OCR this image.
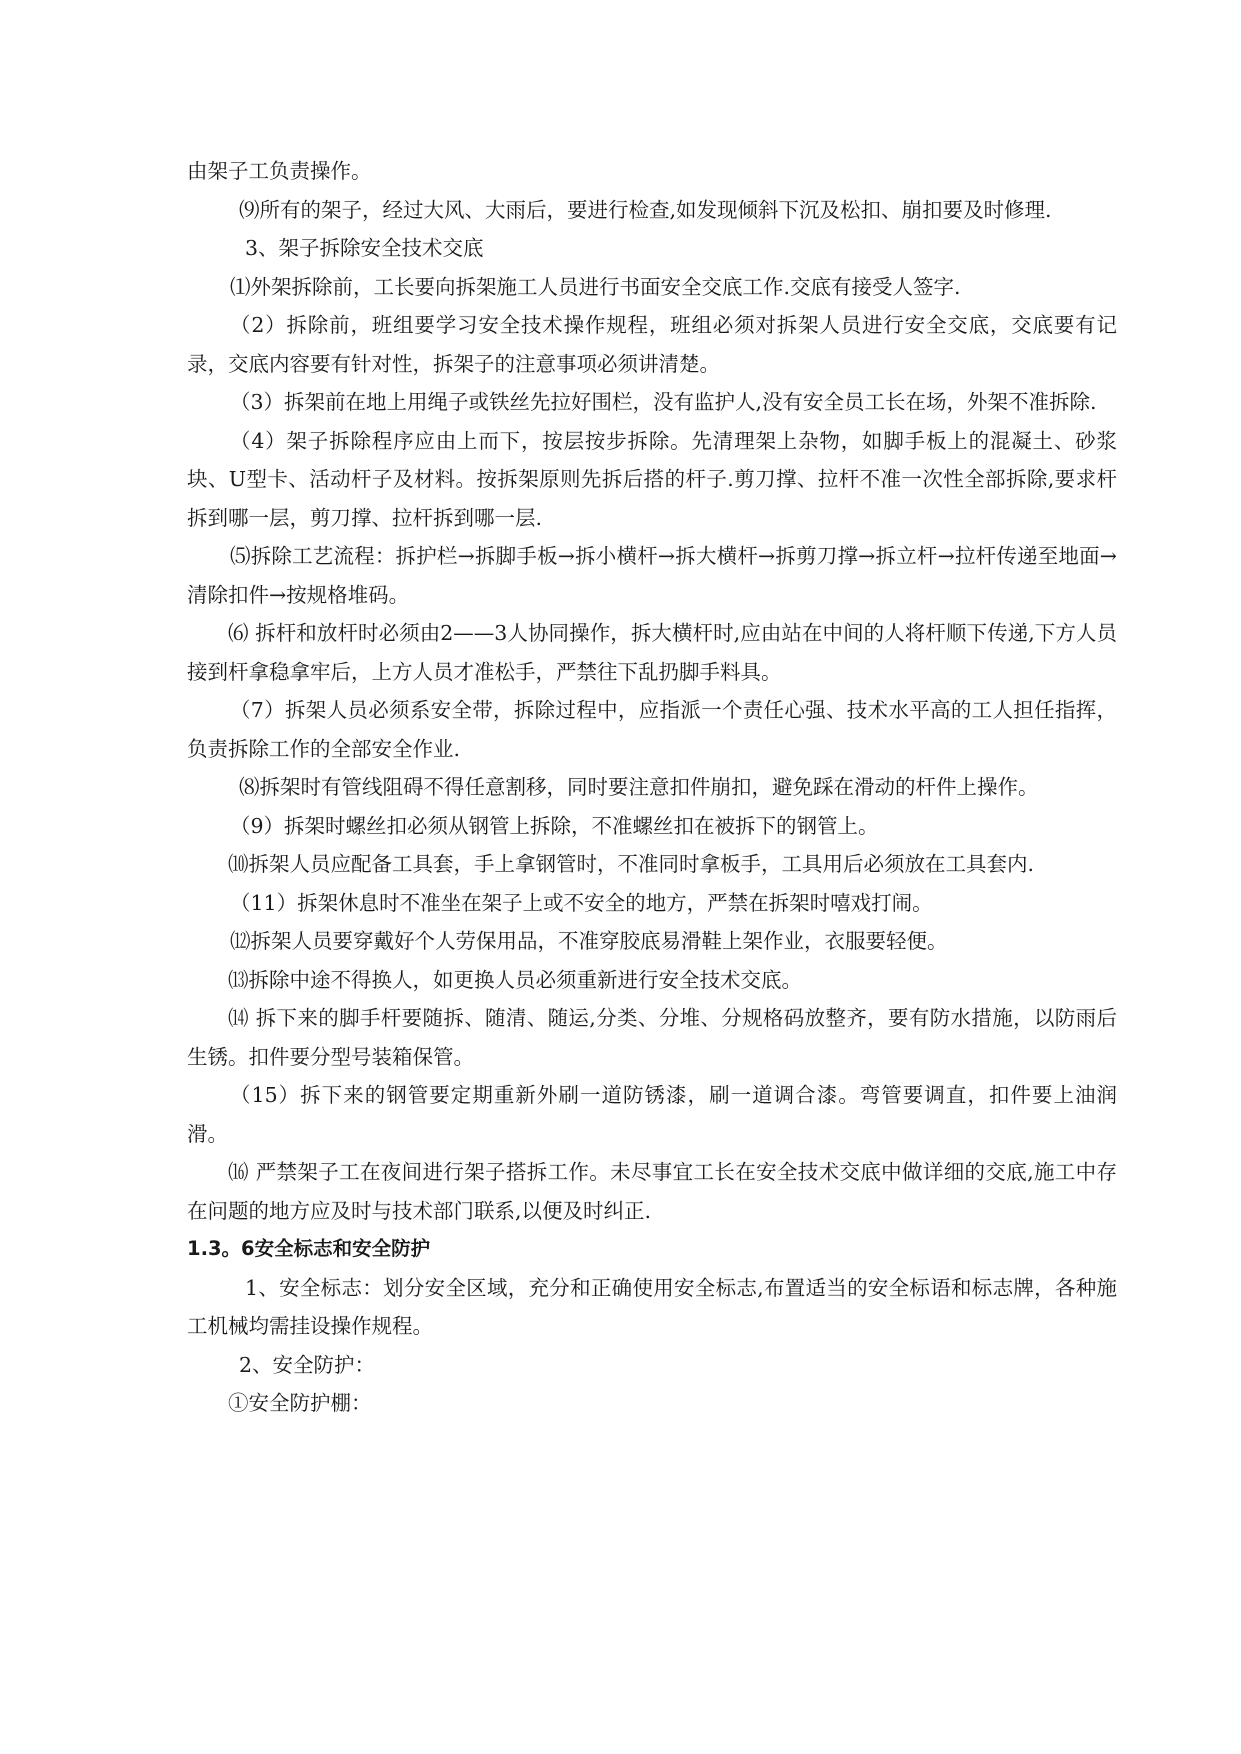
由架子工负责操作。

⑼所有的架子，经过大风、大雨后，要进行检查,如发现倾斜下沉及松扣、崩扣要及时修理.

3、架子拆除安全技术交底

⑴外架拆除前，工长要向拆架施工人员进行书面安全交底工作.交底有接受人签字.

（2）拆除前，班组要学习安全技术操作规程，班组必须对拆架人员进行安全交底，交底要有记录，交底内容要有针对性，拆架子的注意事项必须讲清楚。

（3）拆架前在地上用绳子或铁丝先拉好围栏，没有监护人,没有安全员工长在场，外架不准拆除.

（4）架子拆除程序应由上而下，按层按步拆除。先清理架上杂物，如脚手板上的混凝土、砂浆块、U型卡、活动杆子及材料。按拆架原则先拆后搭的杆子.剪刀撑、拉杆不准一次性全部拆除,要求杆拆到哪一层，剪刀撑、拉杆拆到哪一层.

⑸拆除工艺流程：拆护栏→拆脚手板→拆小横杆→拆大横杆→拆剪刀撑→拆立杆→拉杆传递至地面→清除扣件→按规格堆码。

⑹ 拆杆和放杆时必须由2——3人协同操作，拆大横杆时,应由站在中间的人将杆顺下传递,下方人员接到杆拿稳拿牢后，上方人员才准松手，严禁往下乱扔脚手料具。

（7）拆架人员必须系安全带，拆除过程中，应指派一个责任心强、技术水平高的工人担任指挥，负责拆除工作的全部安全作业.

⑻拆架时有管线阻碍不得任意割移，同时要注意扣件崩扣，避免踩在滑动的杆件上操作。

（9）拆架时螺丝扣必须从钢管上拆除，不准螺丝扣在被拆下的钢管上。

⑽拆架人员应配备工具套，手上拿钢管时，不准同时拿板手，工具用后必须放在工具套内.

（11）拆架休息时不准坐在架子上或不安全的地方，严禁在拆架时嘻戏打闹。

⑿拆架人员要穿戴好个人劳保用品，不准穿胶底易滑鞋上架作业，衣服要轻便。

⒀拆除中途不得换人，如更换人员必须重新进行安全技术交底。

⒁ 拆下来的脚手杆要随拆、随清、随运,分类、分堆、分规格码放整齐，要有防水措施，以防雨后生锈。扣件要分型号装箱保管。

（15）拆下来的钢管要定期重新外刷一道防锈漆，刷一道调合漆。弯管要调直，扣件要上油润滑。

⒃ 严禁架子工在夜间进行架子搭拆工作。未尽事宜工长在安全技术交底中做详细的交底,施工中存在问题的地方应及时与技术部门联系,以便及时纠正.

1.3。6安全标志和安全防护

1、安全标志：划分安全区域，充分和正确使用安全标志,布置适当的安全标语和标志牌，各种施工机械均需挂设操作规程。

2、安全防护：

①安全防护棚：
